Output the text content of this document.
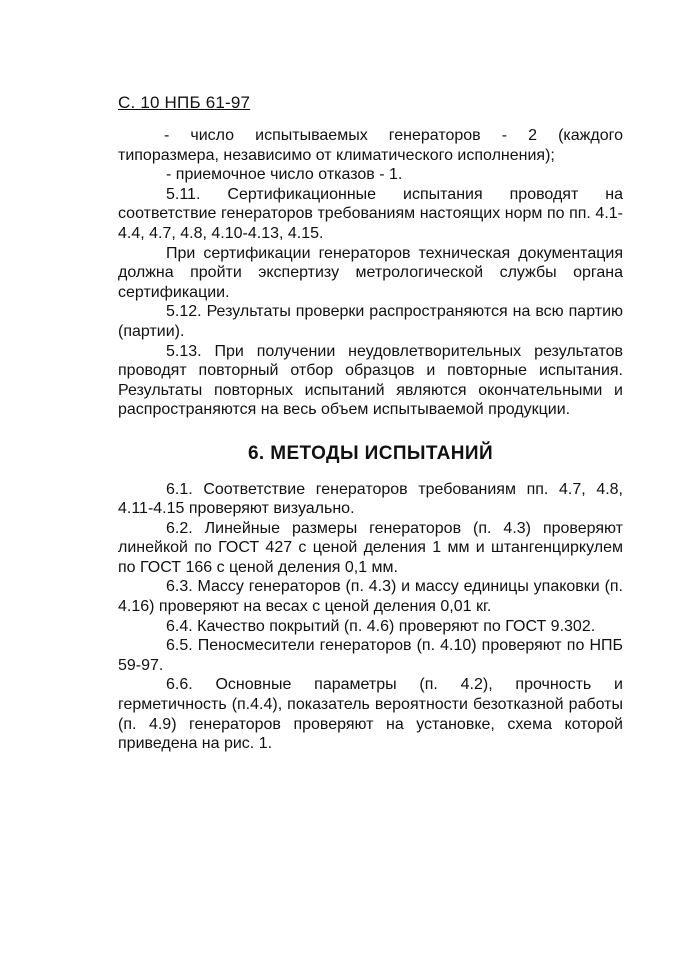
С. 10 НПБ 61-97

- число испытываемых генераторов - 2 (каждого типоразмера, независимо от климатического исполнения);

- приемочное число отказов - 1.

5.11. Сертификационные испытания проводят на соответствие генераторов требованиям настоящих норм по пп. 4.1-4.4, 4.7, 4.8, 4.10-4.13, 4.15.

При сертификации генераторов техническая документация должна пройти экспертизу метрологической службы органа сертификации.

5.12. Результаты проверки распространяются на всю партию (партии).

5.13. При получении неудовлетворительных результатов проводят повторный отбор образцов и повторные испытания. Результаты повторных испытаний являются окончательными и распространяются на весь объем испытываемой продукции.

6. МЕТОДЫ ИСПЫТАНИЙ

6.1. Соответствие генераторов требованиям пп. 4.7, 4.8, 4.11-4.15 проверяют визуально.

6.2. Линейные размеры генераторов (п. 4.3) проверяют линейкой по ГОСТ 427 с ценой деления 1 мм и штангенциркулем по ГОСТ 166 с ценой деления 0,1 мм.

6.3. Массу генераторов (п. 4.3) и массу единицы упаковки (п. 4.16) проверяют на весах с ценой деления 0,01 кг.

6.4. Качество покрытий (п. 4.6) проверяют по ГОСТ 9.302.

6.5. Пеносмесители генераторов (п. 4.10) проверяют по НПБ 59-97.

6.6. Основные параметры (п. 4.2), прочность и герметичность (п.4.4), показатель вероятности безотказной работы (п. 4.9) генераторов проверяют на установке, схема которой приведена на рис. 1.
